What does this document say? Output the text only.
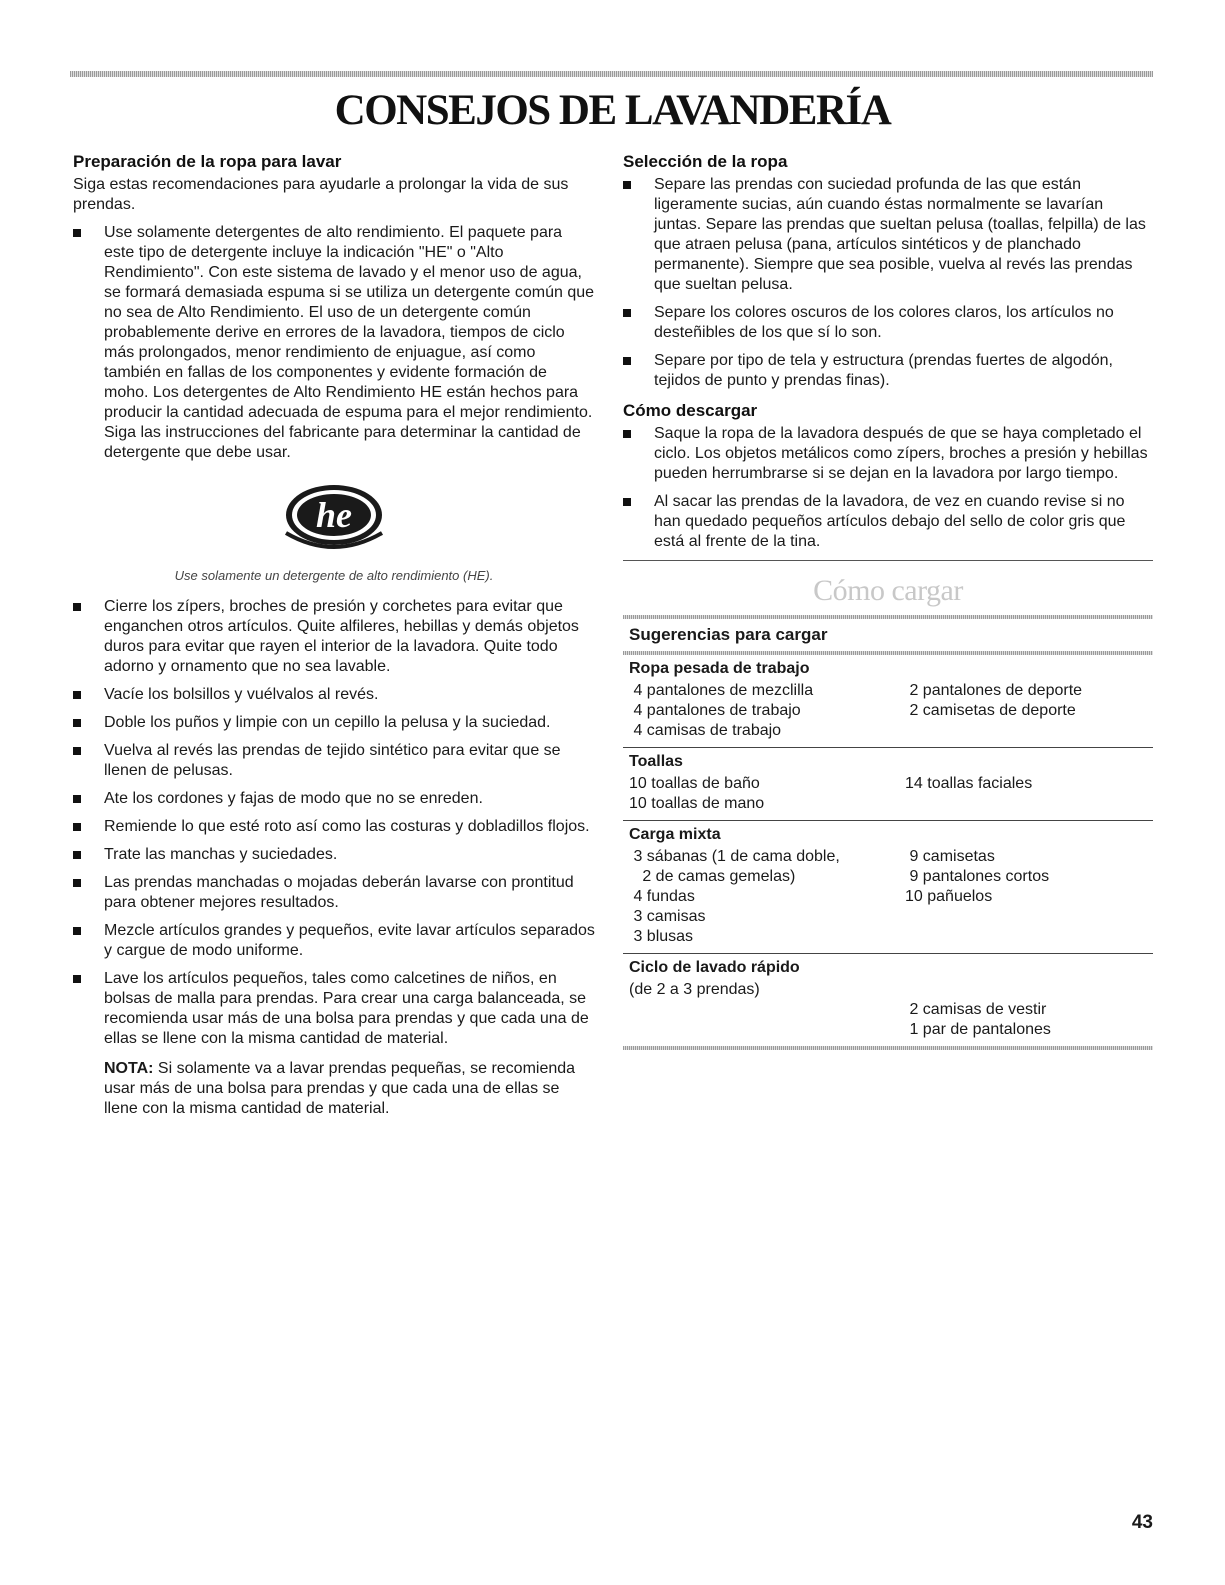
CONSEJOS DE LAVANDERÍA
Preparación de la ropa para lavar

Siga estas recomendaciones para ayudarle a prolongar la vida de sus prendas.

Use solamente detergentes de alto rendimiento. El paquete para este tipo de detergente incluye la indicación "HE" o "Alto Rendimiento". Con este sistema de lavado y el menor uso de agua, se formará demasiada espuma si se utiliza un detergente común que no sea de Alto Rendimiento. El uso de un detergente común probablemente derive en errores de la lavadora, tiempos de ciclo más prolongados, menor rendimiento de enjuague, así como también en fallas de los componentes y evidente formación de moho. Los detergentes de Alto Rendimiento HE están hechos para producir la cantidad adecuada de espuma para el mejor rendimiento. Siga las instrucciones del fabricante para determinar la cantidad de detergente que debe usar.
he

Use solamente un detergente de alto rendimiento (HE).

Cierre los zípers, broches de presión y corchetes para evitar que enganchen otros artículos. Quite alfileres, hebillas y demás objetos duros para evitar que rayen el interior de la lavadora. Quite todo adorno y ornamento que no sea lavable.
Vacíe los bolsillos y vuélvalos al revés.
Doble los puños y limpie con un cepillo la pelusa y la suciedad.
Vuelva al revés las prendas de tejido sintético para evitar que se llenen de pelusas.
Ate los cordones y fajas de modo que no se enreden.
Remiende lo que esté roto así como las costuras y dobladillos flojos.
Trate las manchas y suciedades.
Las prendas manchadas o mojadas deberán lavarse con prontitud para obtener mejores resultados.
Mezcle artículos grandes y pequeños, evite lavar artículos separados y cargue de modo uniforme.
Lave los artículos pequeños, tales como calcetines de niños, en bolsas de malla para prendas. Para crear una carga balanceada, se recomienda usar más de una bolsa para prendas y que cada una de ellas se llene con la misma cantidad de material.

NOTA: Si solamente va a lavar prendas pequeñas, se recomienda usar más de una bolsa para prendas y que cada una de ellas se llene con la misma cantidad de material.

Selección de la ropa
Separe las prendas con suciedad profunda de las que están ligeramente sucias, aún cuando éstas normalmente se lavarían juntas. Separe las prendas que sueltan pelusa (toallas, felpilla) de las que atraen pelusa (pana, artículos sintéticos y de planchado permanente). Siempre que sea posible, vuelva al revés las prendas que sueltan pelusa.
Separe los colores oscuros de los colores claros, los artículos no desteñibles de los que sí lo son.
Separe por tipo de tela y estructura (prendas fuertes de algodón, tejidos de punto y prendas finas).
Cómo descargar
Saque la ropa de la lavadora después de que se haya completado el ciclo. Los objetos metálicos como zípers, broches a presión y hebillas pueden herrumbrarse si se dejan en la lavadora por largo tiempo.
Al sacar las prendas de la lavadora, de vez en cuando revise si no han quedado pequeños artículos debajo del sello de color gris que está al frente de la tina.
Cómo cargar
Sugerencias para cargar
Ropa pesada de trabajo
4 pantalones de mezclilla
4 pantalones de trabajo
4 camisas de trabajo
2 pantalones de deporte
2 camisetas de deporte
Toallas
10 toallas de baño
10 toallas de mano
14 toallas faciales
Carga mixta
3 sábanas (1 de cama doble,
2 de camas gemelas)
4 fundas
3 camisas
3 blusas
9 camisetas
9 pantalones cortos
10 pañuelos
Ciclo de lavado rápido
(de 2 a 3 prendas)
2 camisas de vestir
1 par de pantalones
43
